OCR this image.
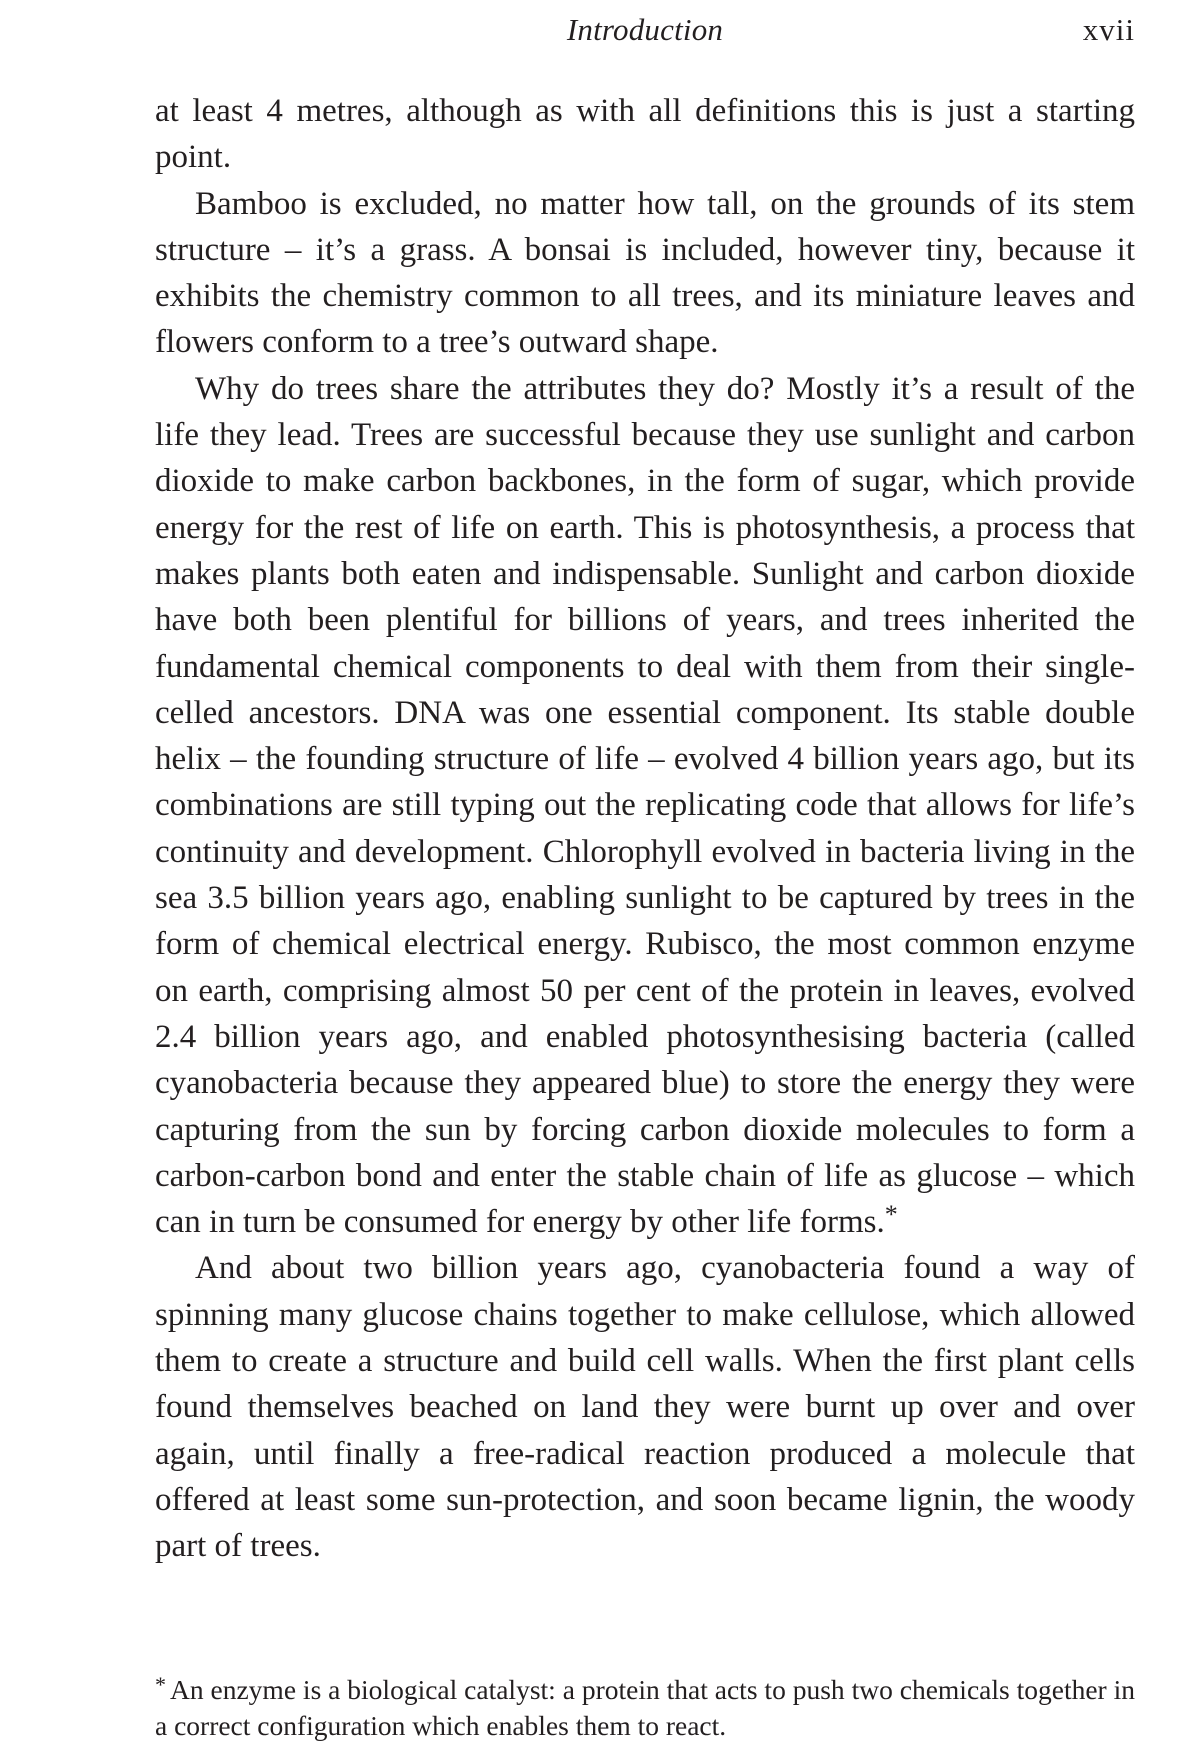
Introduction	xvii

at least 4 metres, although as with all definitions this is just a starting point.

Bamboo is excluded, no matter how tall, on the grounds of its stem structure – it’s a grass. A bonsai is included, however tiny, because it exhibits the chemistry common to all trees, and its miniature leaves and flowers conform to a tree’s outward shape.

Why do trees share the attributes they do? Mostly it’s a result of the life they lead. Trees are successful because they use sunlight and carbon dioxide to make carbon backbones, in the form of sugar, which provide energy for the rest of life on earth. This is photosynthesis, a process that makes plants both eaten and indispensable. Sunlight and carbon dioxide have both been plentiful for billions of years, and trees inherited the fundamental chemical components to deal with them from their single-celled ancestors. DNA was one essential component. Its stable double helix – the founding structure of life – evolved 4 billion years ago, but its combinations are still typing out the replicating code that allows for life’s continuity and development. Chlorophyll evolved in bacteria living in the sea 3.5 billion years ago, enabling sunlight to be captured by trees in the form of chemical electrical energy. Rubisco, the most common enzyme on earth, comprising almost 50 per cent of the protein in leaves, evolved 2.4 billion years ago, and enabled photosynthesising bacteria (called cyanobacteria because they appeared blue) to store the energy they were capturing from the sun by forcing carbon dioxide molecules to form a carbon-carbon bond and enter the stable chain of life as glucose – which can in turn be consumed for energy by other life forms.*

And about two billion years ago, cyanobacteria found a way of spinning many glucose chains together to make cellulose, which allowed them to create a structure and build cell walls. When the first plant cells found themselves beached on land they were burnt up over and over again, until finally a free-radical reaction produced a molecule that offered at least some sun-protection, and soon became lignin, the woody part of trees.

* An enzyme is a biological catalyst: a protein that acts to push two chemicals together in a correct configuration which enables them to react.
